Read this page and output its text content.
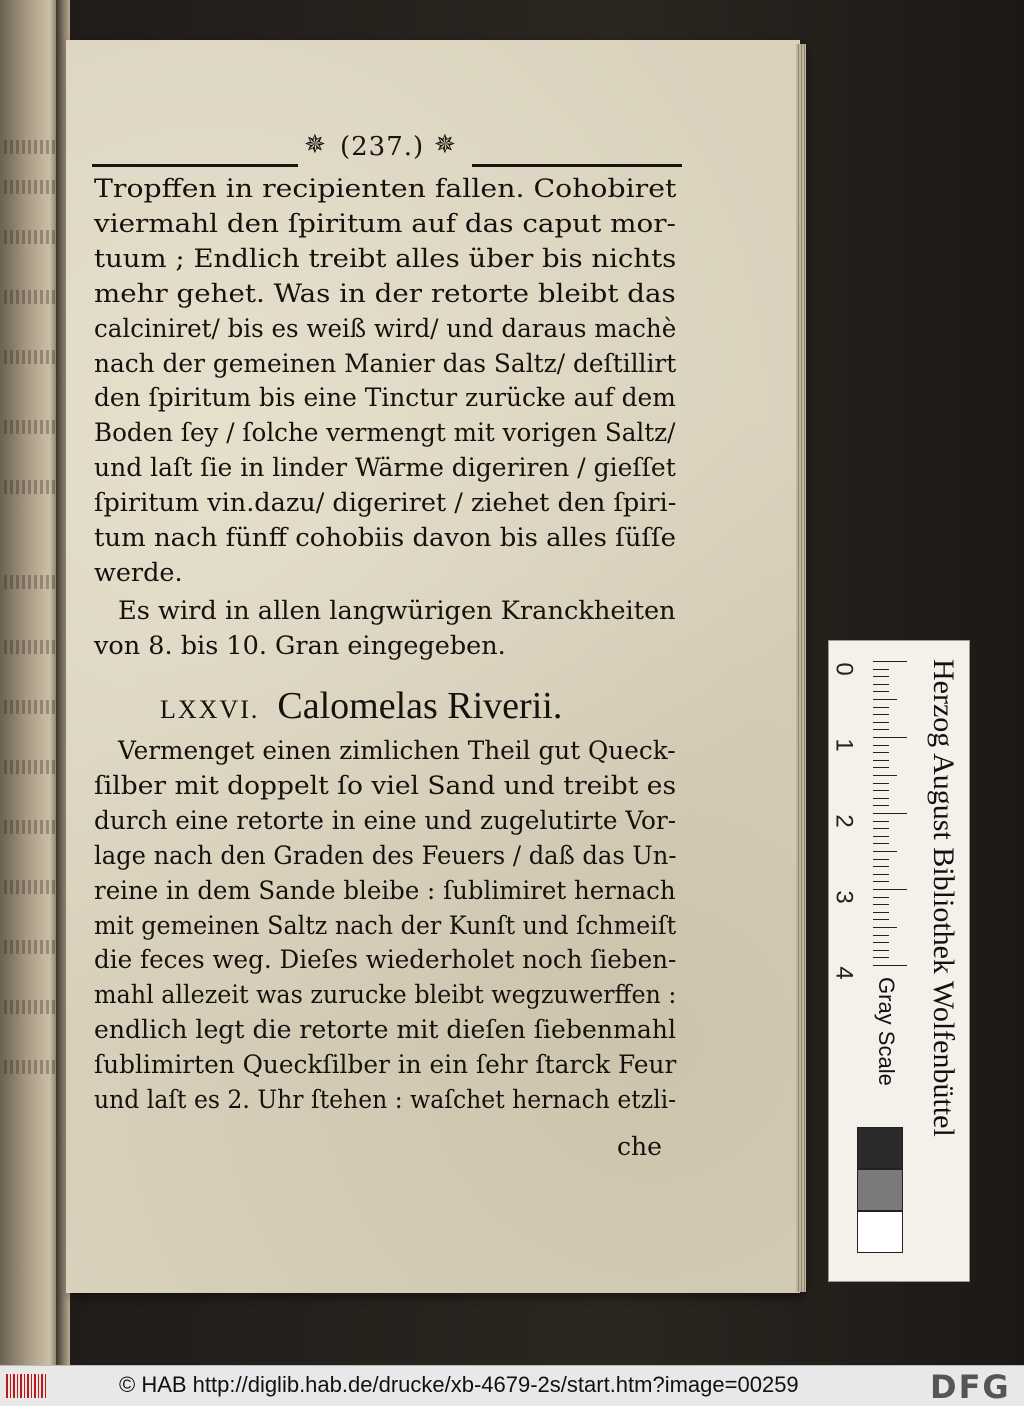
✵ (237.) ✵
Tropffen in recipienten fallen. Cohobiret
viermahl den ſpiritum auf das caput mor-
tuum ; Endlich treibt alles über bis nichts
mehr gehet. Was in der retorte bleibt das
calciniret/ bis es weiß wird/ und daraus machè
nach der gemeinen Manier das Saltz/ deſtillirt
den ſpiritum bis eine Tinctur zurücke auf dem
Boden ſey / ſolche vermengt mit vorigen Saltz/
und laſt ſie in linder Wärme digeriren / gieſſet
ſpiritum vin.dazu/ digeriret / ziehet den ſpiri-
tum nach fünff cohobiis davon bis alles ſüſſe
werde.
Es wird in allen langwürigen Kranckheiten
von 8. bis 10. Gran eingegeben.
Vermenget einen zimlichen Theil gut Queck-
ſilber mit doppelt ſo viel Sand und treibt es
durch eine retorte in eine und zugelutirte Vor-
lage nach den Graden des Feuers / daß das Un-
reine in dem Sande bleibe : ſublimiret hernach
mit gemeinen Saltz nach der Kunſt und ſchmeiſt
die feces weg. Dieſes wiederholet noch ſieben-
mahl allezeit was zurucke bleibt wegzuwerffen :
endlich legt die retorte mit dieſen ſiebenmahl
ſublimirten Queckſilber in ein ſehr ſtarck Feur
und laſt es 2. Uhr ſtehen : waſchet hernach etzli-
LXXVI. Calomelas Riverii.
che
0
1
2
3
4
Gray Scale Herzog August Bibliothek Wolfenbüttel
© HAB http://diglib.hab.de/drucke/xb-4679-2s/start.htm?image=00259	DFG
